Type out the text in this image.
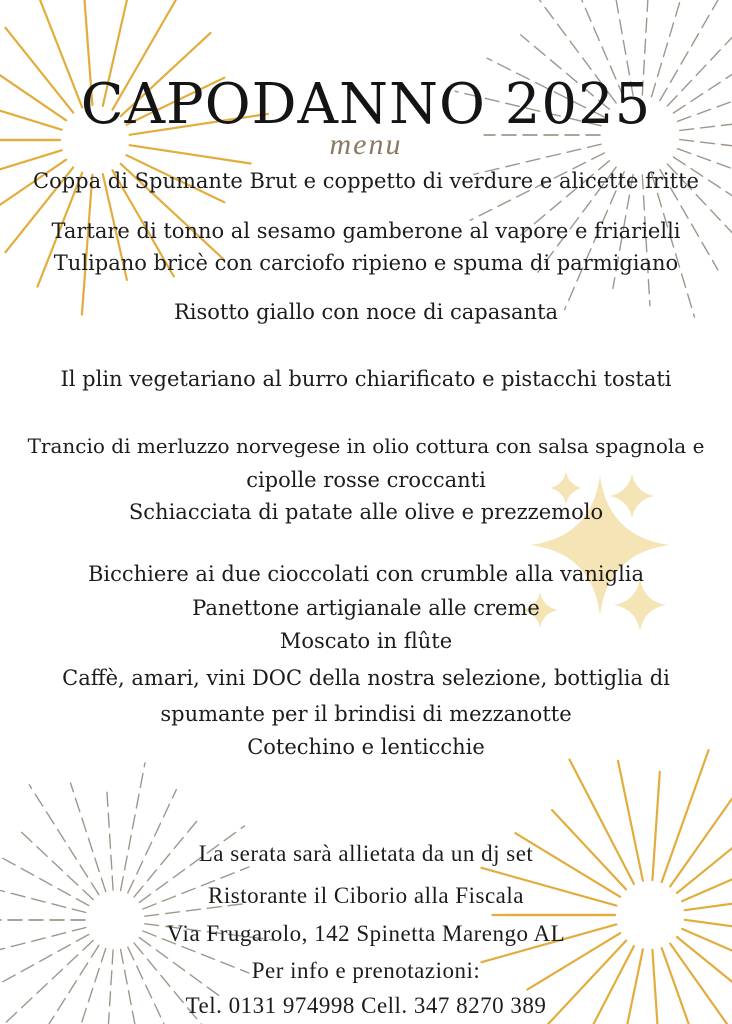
CAPODANNO 2025
menu
Coppa di Spumante Brut e coppetto di verdure e alicette fritte
Tartare di tonno al sesamo gamberone al vapore e friarielli
Tulipano bricè con carciofo ripieno e spuma di parmigiano
Risotto giallo con noce di capasanta
Il plin vegetariano al burro chiarificato e pistacchi tostati
Trancio di merluzzo norvegese in olio cottura con salsa spagnola e
cipolle rosse croccanti
Schiacciata di patate alle olive e prezzemolo
Bicchiere ai due cioccolati con crumble alla vaniglia
Panettone artigianale alle creme
Moscato in flûte
Caffè, amari, vini DOC della nostra selezione, bottiglia di
spumante per il brindisi di mezzanotte
Cotechino e lenticchie
La serata sarà allietata da un dj set
Ristorante il Ciborio alla Fiscala
Via Frugarolo, 142 Spinetta Marengo AL
Per info e prenotazioni:
Tel. 0131 974998 Cell. 347 8270 389
